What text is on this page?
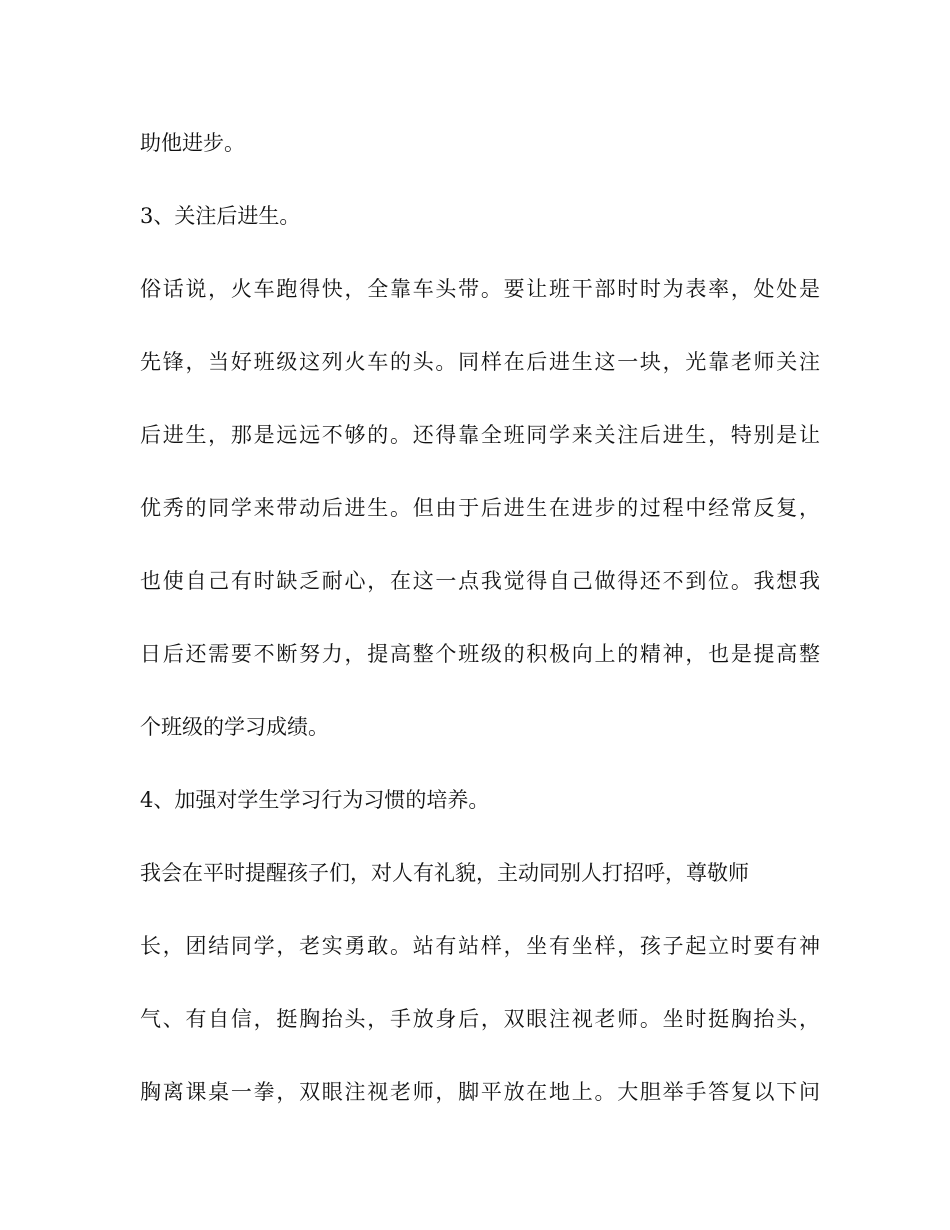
助他进步。
3、关注后进生。
俗话说，火车跑得快，全靠车头带。要让班干部时时为表率，处处是
先锋，当好班级这列火车的头。同样在后进生这一块，光靠老师关注
后进生，那是远远不够的。还得靠全班同学来关注后进生，特别是让
优秀的同学来带动后进生。但由于后进生在进步的过程中经常反复，
也使自己有时缺乏耐心，在这一点我觉得自己做得还不到位。我想我
日后还需要不断努力，提高整个班级的积极向上的精神，也是提高整
个班级的学习成绩。
4、加强对学生学习行为习惯的培养。
我会在平时提醒孩子们，对人有礼貌，主动同别人打招呼，尊敬师
长，团结同学，老实勇敢。站有站样，坐有坐样，孩子起立时要有神
气、有自信，挺胸抬头，手放身后，双眼注视老师。坐时挺胸抬头，
胸离课桌一拳，双眼注视老师，脚平放在地上。大胆举手答复以下问
